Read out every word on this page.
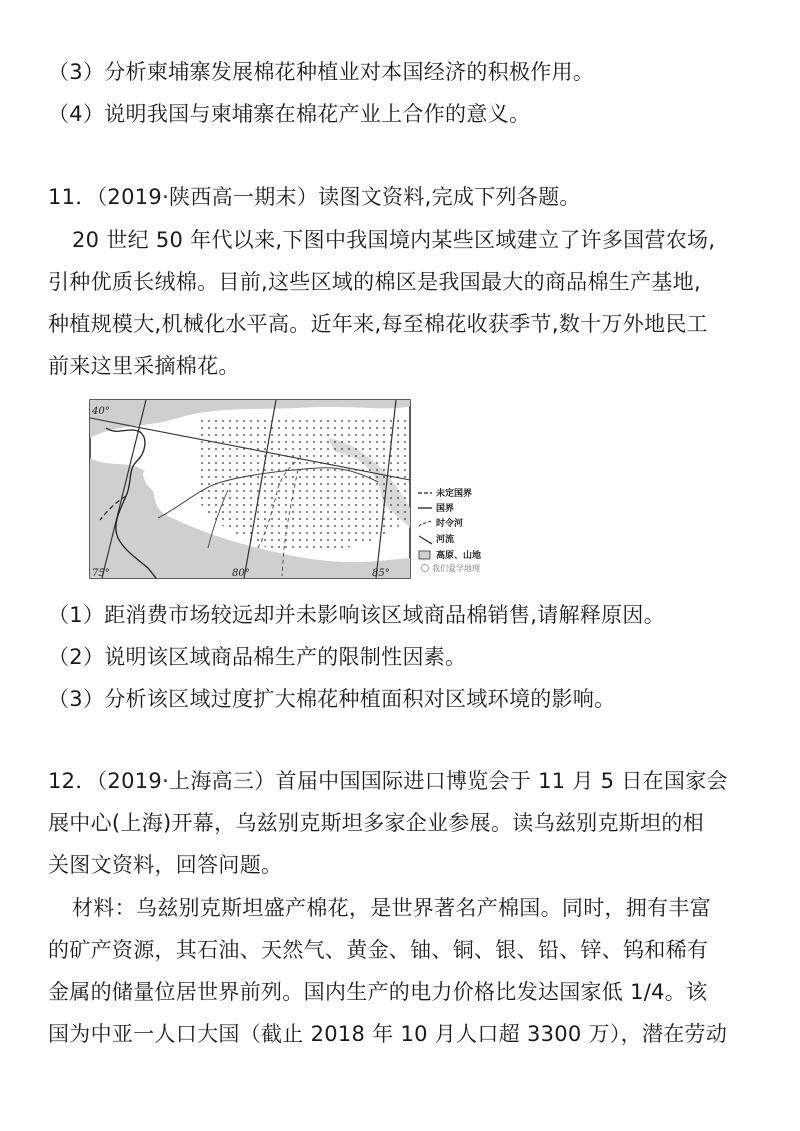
（3）分析柬埔寨发展棉花种植业对本国经济的积极作用。
（4）说明我国与柬埔寨在棉花产业上合作的意义。
11．（2019·陕西高一期末）读图文资料,完成下列各题。
20 世纪 50 年代以来,下图中我国境内某些区域建立了许多国营农场,
引种优质长绒棉。目前,这些区域的棉区是我国最大的商品棉生产基地,
种植规模大,机械化水平高。近年来,每至棉花收获季节,数十万外地民工
前来这里采摘棉花。
40°
75°	80°	85°
未定国界
国界
时令河
河流
高原、山地
我们爱学地理
（1）距消费市场较远却并未影响该区域商品棉销售,请解释原因。
（2）说明该区域商品棉生产的限制性因素。
（3）分析该区域过度扩大棉花种植面积对区域环境的影响。
12．（2019·上海高三）首届中国国际进口博览会于 11 月 5 日在国家会
展中心(上海)开幕，乌兹别克斯坦多家企业参展。读乌兹别克斯坦的相
关图文资料，回答问题。
材料：乌兹别克斯坦盛产棉花，是世界著名产棉国。同时，拥有丰富
的矿产资源，其石油、天然气、黄金、铀、铜、银、铅、锌、钨和稀有
金属的储量位居世界前列。国内生产的电力价格比发达国家低 1/4。该
国为中亚一人口大国（截止 2018 年 10 月人口超 3300 万），潜在劳动
